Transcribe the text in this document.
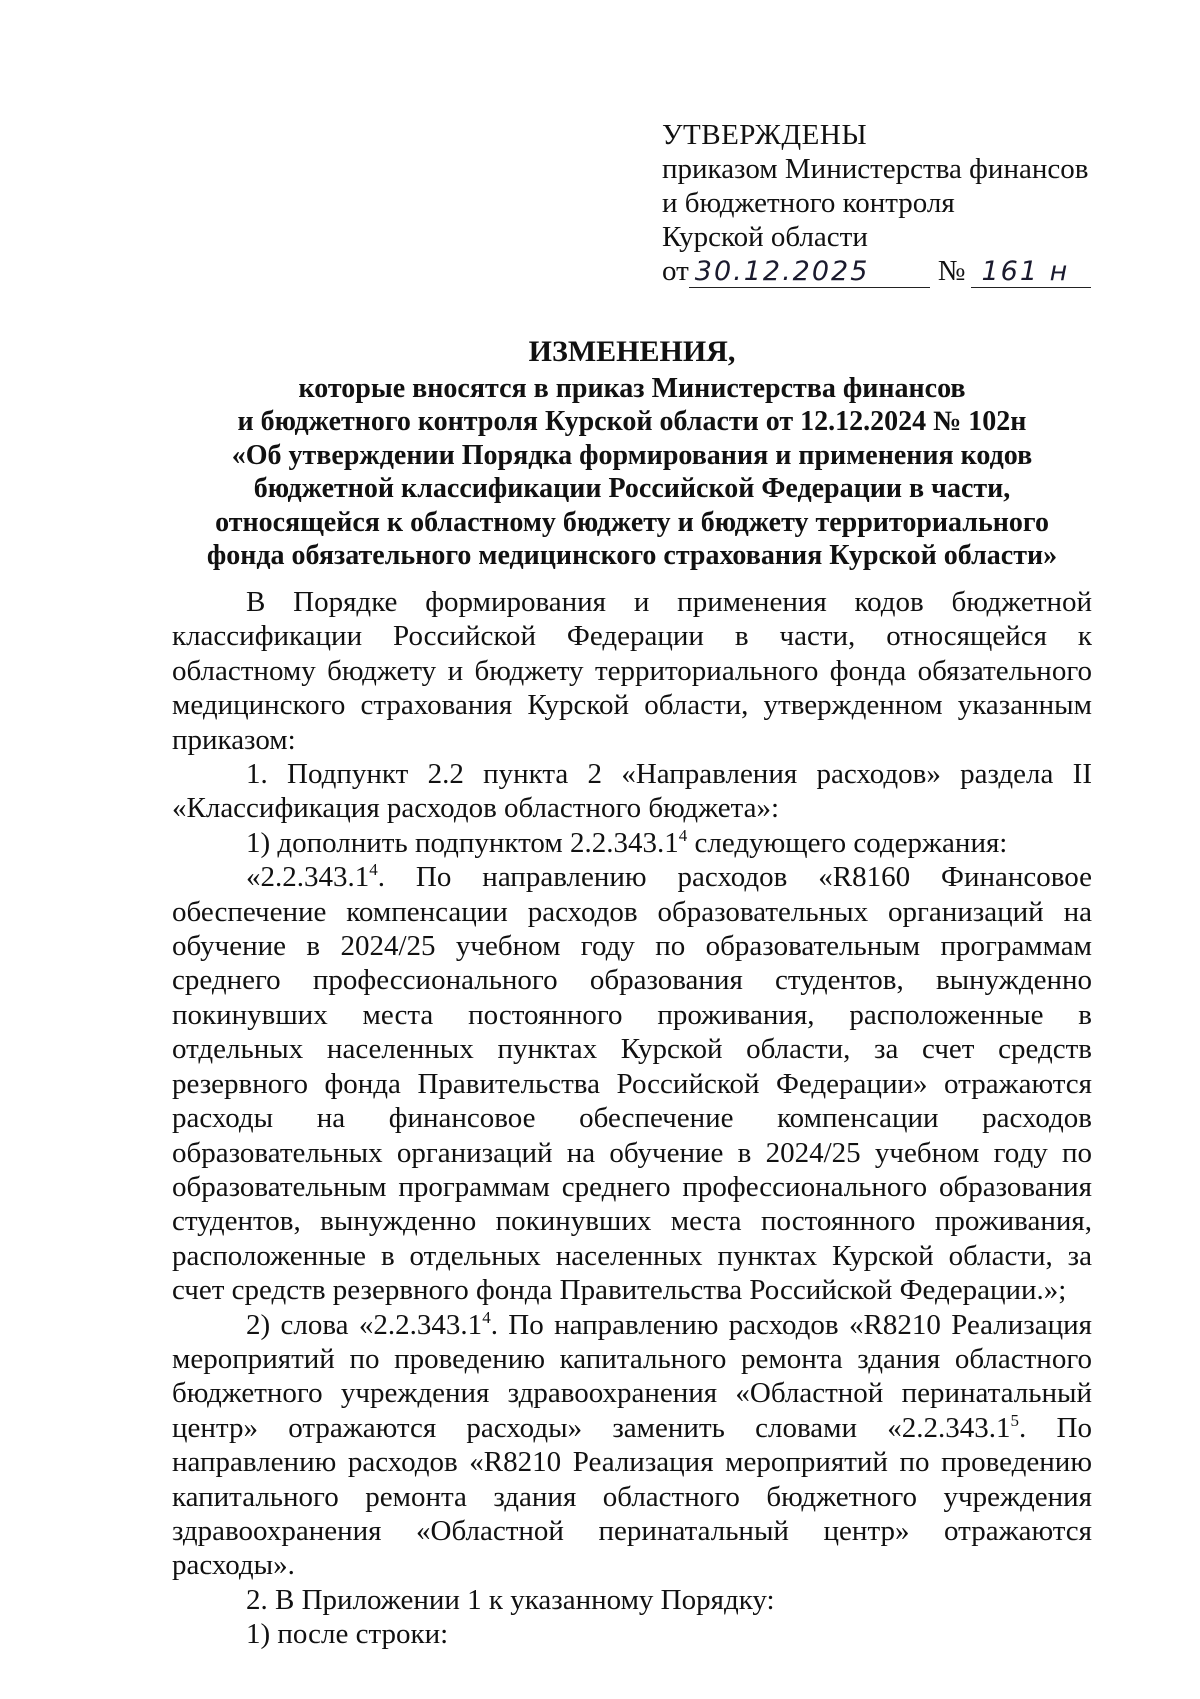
УТВЕРЖДЕНЫ
приказом Министерства финансов
и бюджетного контроля
Курской области
от 30.12.2025	№ 161 н
ИЗМЕНЕНИЯ,
которые вносятся в приказ Министерства финансов
и бюджетного контроля Курской области от 12.12.2024 № 102н
«Об утверждении Порядка формирования и применения кодов
бюджетной классификации Российской Федерации в части,
относящейся к областному бюджету и бюджету территориального
фонда обязательного медицинского страхования Курской области»

В Порядке формирования и применения кодов бюджетной классификации Российской Федерации в части, относящейся к областному бюджету и бюджету территориального фонда обязательного медицинского страхования Курской области, утвержденном указанным приказом:

1. Подпункт 2.2 пункта 2 «Направления расходов» раздела II «Классификация расходов областного бюджета»:

1) дополнить подпунктом 2.2.343.1$^4$ следующего содержания:

«2.2.343.1$^4$. По направлению расходов «R8160 Финансовое обеспечение компенсации расходов образовательных организаций на обучение в 2024/25 учебном году по образовательным программам среднего профессионального образования студентов, вынужденно покинувших места постоянного проживания, расположенные в отдельных населенных пунктах Курской области, за счет средств резервного фонда Правительства Российской Федерации» отражаются расходы на финансовое обеспечение компенсации расходов образовательных организаций на обучение в 2024/25 учебном году по образовательным программам среднего профессионального образования студентов, вынужденно покинувших места постоянного проживания, расположенные в отдельных населенных пунктах Курской области, за счет средств резервного фонда Правительства Российской Федерации.»;

2) слова «2.2.343.1$^4$. По направлению расходов «R8210 Реализация мероприятий по проведению капитального ремонта здания областного бюджетного учреждения здравоохранения «Областной перинатальный центр» отражаются расходы» заменить словами «2.2.343.1$^5$. По направлению расходов «R8210 Реализация мероприятий по проведению капитального ремонта здания областного бюджетного учреждения здравоохранения «Областной перинатальный центр» отражаются расходы».

2. В Приложении 1 к указанному Порядку:

1) после строки:
